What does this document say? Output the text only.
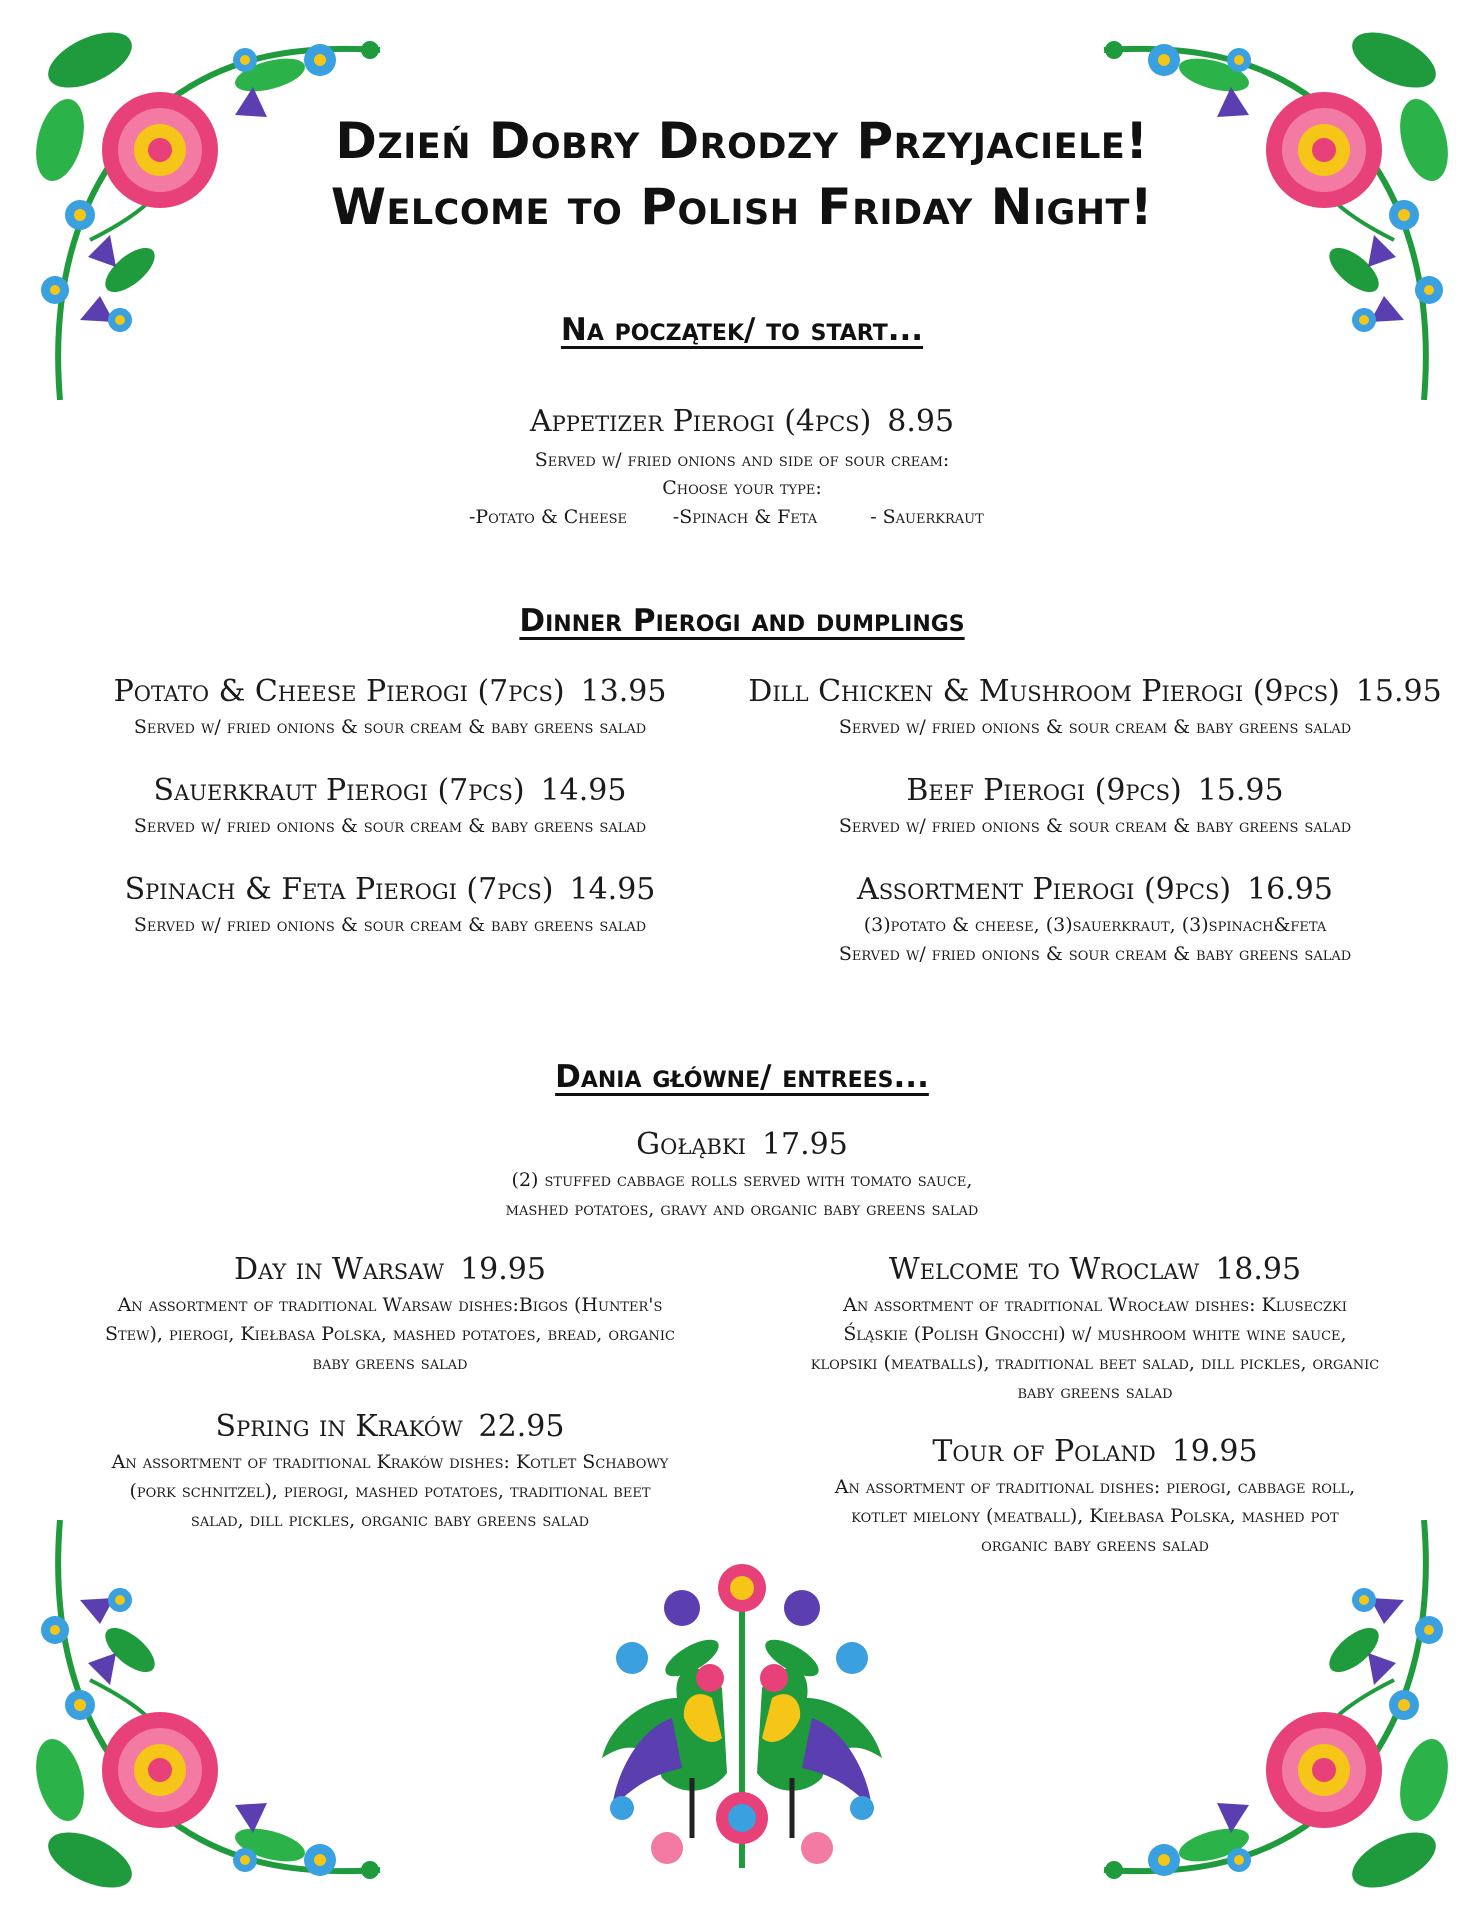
Dzień Dobry Drodzy Przyjaciele!
Welcome to Polish Friday Night!
Na początek/ to start...
Appetizer Pierogi (4pcs) 8.95
Served w/ fried onions and side of sour cream:
Choose your type:
-Potato & Cheese	-Spinach & Feta	- Sauerkraut
Dinner Pierogi and dumplings
Potato & Cheese Pierogi (7pcs) 13.95
Served w/ fried onions & sour cream & baby greens salad
Sauerkraut Pierogi (7pcs) 14.95
Served w/ fried onions & sour cream & baby greens salad
Spinach & Feta Pierogi (7pcs) 14.95
Served w/ fried onions & sour cream & baby greens salad
Dill Chicken & Mushroom Pierogi (9pcs) 15.95
Served w/ fried onions & sour cream & baby greens salad
Beef Pierogi (9pcs) 15.95
Served w/ fried onions & sour cream & baby greens salad
Assortment Pierogi (9pcs) 16.95
(3)potato & cheese, (3)sauerkraut, (3)spinach&feta
Served w/ fried onions & sour cream & baby greens salad
Dania główne/ entrees...
Gołąbki 17.95
(2) stuffed cabbage rolls served with tomato sauce,
mashed potatoes, gravy and organic baby greens salad
Day in Warsaw 19.95
An assortment of traditional Warsaw dishes:Bigos (Hunter's
Stew), pierogi, Kiełbasa Polska, mashed potatoes, bread, organic
baby greens salad
Welcome to Wroclaw 18.95
An assortment of traditional Wrocław dishes: Kluseczki
Śląskie (Polish Gnocchi) w/ mushroom white wine sauce,
klopsiki (meatballs), traditional beet salad, dill pickles, organic
baby greens salad
Spring in Kraków 22.95
An assortment of traditional Kraków dishes: Kotlet Schabowy
(pork schnitzel), pierogi, mashed potatoes, traditional beet
salad, dill pickles, organic baby greens salad
Tour of Poland 19.95
An assortment of traditional dishes: pierogi, cabbage roll,
kotlet mielony (meatball), Kiełbasa Polska, mashed pot
organic baby greens salad
